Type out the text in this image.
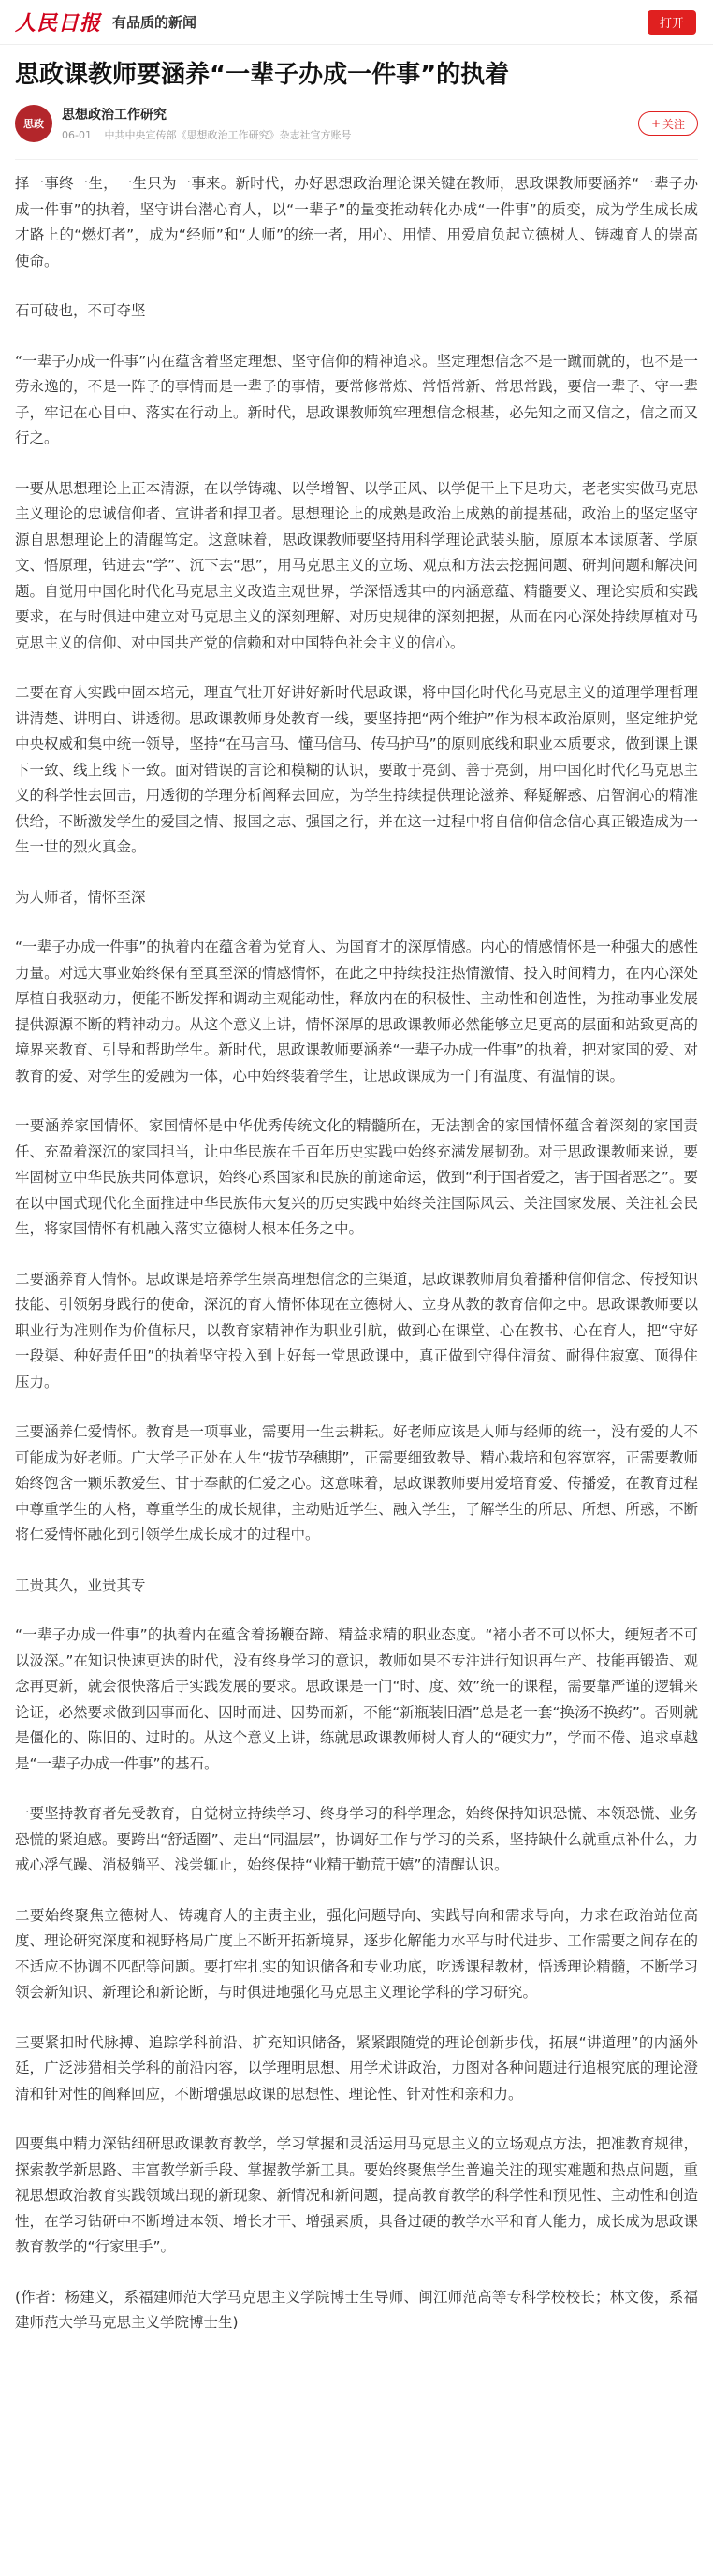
人民日报 有品质的新闻	打开
思政课教师要涵养“一辈子办成一件事”的执着
思政
思想政治工作研究
06-01 中共中央宣传部《思想政治工作研究》杂志社官方账号
+ 关注

择一事终一生，一生只为一事来。新时代，办好思想政治理论课关键在教师，思政课教师要涵养“一辈子办成一件事”的执着，坚守讲台潜心育人，以“一辈子”的量变推动转化办成“一件事”的质变，成为学生成长成才路上的“燃灯者”，成为“经师”和“人师”的统一者，用心、用情、用爱肩负起立德树人、铸魂育人的崇高使命。

石可破也，不可夺坚

“一辈子办成一件事”内在蕴含着坚定理想、坚守信仰的精神追求。坚定理想信念不是一蹴而就的，也不是一劳永逸的，不是一阵子的事情而是一辈子的事情，要常修常炼、常悟常新、常思常践，要信一辈子、守一辈子，牢记在心目中、落实在行动上。新时代，思政课教师筑牢理想信念根基，必先知之而又信之，信之而又行之。

一要从思想理论上正本清源，在以学铸魂、以学增智、以学正风、以学促干上下足功夫，老老实实做马克思主义理论的忠诚信仰者、宣讲者和捍卫者。思想理论上的成熟是政治上成熟的前提基础，政治上的坚定坚守源自思想理论上的清醒笃定。这意味着，思政课教师要坚持用科学理论武装头脑，原原本本读原著、学原文、悟原理，钻进去“学”、沉下去“思”，用马克思主义的立场、观点和方法去挖掘问题、研判问题和解决问题。自觉用中国化时代化马克思主义改造主观世界，学深悟透其中的内涵意蕴、精髓要义、理论实质和实践要求，在与时俱进中建立对马克思主义的深刻理解、对历史规律的深刻把握，从而在内心深处持续厚植对马克思主义的信仰、对中国共产党的信赖和对中国特色社会主义的信心。

二要在育人实践中固本培元，理直气壮开好讲好新时代思政课，将中国化时代化马克思主义的道理学理哲理讲清楚、讲明白、讲透彻。思政课教师身处教育一线，要坚持把“两个维护”作为根本政治原则，坚定维护党中央权威和集中统一领导，坚持“在马言马、懂马信马、传马护马”的原则底线和职业本质要求，做到课上课下一致、线上线下一致。面对错误的言论和模糊的认识，要敢于亮剑、善于亮剑，用中国化时代化马克思主义的科学性去回击，用透彻的学理分析阐释去回应，为学生持续提供理论滋养、释疑解惑、启智润心的精准供给，不断激发学生的爱国之情、报国之志、强国之行，并在这一过程中将自信仰信念信心真正锻造成为一生一世的烈火真金。

为人师者，情怀至深

“一辈子办成一件事”的执着内在蕴含着为党育人、为国育才的深厚情感。内心的情感情怀是一种强大的感性力量。对远大事业始终保有至真至深的情感情怀，在此之中持续投注热情激情、投入时间精力，在内心深处厚植自我驱动力，便能不断发挥和调动主观能动性，释放内在的积极性、主动性和创造性，为推动事业发展提供源源不断的精神动力。从这个意义上讲，情怀深厚的思政课教师必然能够立足更高的层面和站致更高的境界来教育、引导和帮助学生。新时代，思政课教师要涵养“一辈子办成一件事”的执着，把对家国的爱、对教育的爱、对学生的爱融为一体，心中始终装着学生，让思政课成为一门有温度、有温情的课。

一要涵养家国情怀。家国情怀是中华优秀传统文化的精髓所在，无法割舍的家国情怀蕴含着深刻的家国责任、充盈着深沉的家国担当，让中华民族在千百年历史实践中始终充满发展韧劲。对于思政课教师来说，要牢固树立中华民族共同体意识，始终心系国家和民族的前途命运，做到“利于国者爱之，害于国者恶之”。要在以中国式现代化全面推进中华民族伟大复兴的历史实践中始终关注国际风云、关注国家发展、关注社会民生，将家国情怀有机融入落实立德树人根本任务之中。

二要涵养育人情怀。思政课是培养学生崇高理想信念的主渠道，思政课教师肩负着播种信仰信念、传授知识技能、引领躬身践行的使命，深沉的育人情怀体现在立德树人、立身从教的教育信仰之中。思政课教师要以职业行为准则作为价值标尺，以教育家精神作为职业引航，做到心在课堂、心在教书、心在育人，把“守好一段渠、种好责任田”的执着坚守投入到上好每一堂思政课中，真正做到守得住清贫、耐得住寂寞、顶得住压力。

三要涵养仁爱情怀。教育是一项事业，需要用一生去耕耘。好老师应该是人师与经师的统一，没有爱的人不可能成为好老师。广大学子正处在人生“拔节孕穗期”，正需要细致教导、精心栽培和包容宽容，正需要教师始终饱含一颗乐教爱生、甘于奉献的仁爱之心。这意味着，思政课教师要用爱培育爱、传播爱，在教育过程中尊重学生的人格，尊重学生的成长规律，主动贴近学生、融入学生，了解学生的所思、所想、所惑，不断将仁爱情怀融化到引领学生成长成才的过程中。

工贵其久，业贵其专

“一辈子办成一件事”的执着内在蕴含着扬鞭奋蹄、精益求精的职业态度。“褚小者不可以怀大，绠短者不可以汲深。”在知识快速更迭的时代，没有终身学习的意识，教师如果不专注进行知识再生产、技能再锻造、观念再更新，就会很快落后于实践发展的要求。思政课是一门“时、度、效”统一的课程，需要靠严谨的逻辑来论证，必然要求做到因事而化、因时而进、因势而新，不能“新瓶装旧酒”总是老一套“换汤不换药”。否则就是僵化的、陈旧的、过时的。从这个意义上讲，练就思政课教师树人育人的“硬实力”，学而不倦、追求卓越是“一辈子办成一件事”的基石。

一要坚持教育者先受教育，自觉树立持续学习、终身学习的科学理念，始终保持知识恐慌、本领恐慌、业务恐慌的紧迫感。要跨出“舒适圈”、走出“同温层”，协调好工作与学习的关系，坚持缺什么就重点补什么，力戒心浮气躁、消极躺平、浅尝辄止，始终保持“业精于勤荒于嬉”的清醒认识。

二要始终聚焦立德树人、铸魂育人的主责主业，强化问题导向、实践导向和需求导向，力求在政治站位高度、理论研究深度和视野格局广度上不断开拓新境界，逐步化解能力水平与时代进步、工作需要之间存在的不适应不协调不匹配等问题。要打牢扎实的知识储备和专业功底，吃透课程教材，悟透理论精髓，不断学习领会新知识、新理论和新论断，与时俱进地强化马克思主义理论学科的学习研究。

三要紧扣时代脉搏、追踪学科前沿、扩充知识储备，紧紧跟随党的理论创新步伐，拓展“讲道理”的内涵外延，广泛涉猎相关学科的前沿内容，以学理明思想、用学术讲政治，力图对各种问题进行追根究底的理论澄清和针对性的阐释回应，不断增强思政课的思想性、理论性、针对性和亲和力。

四要集中精力深钻细研思政课教育教学，学习掌握和灵活运用马克思主义的立场观点方法，把准教育规律，探索教学新思路、丰富教学新手段、掌握教学新工具。要始终聚焦学生普遍关注的现实难题和热点问题，重视思想政治教育实践领域出现的新现象、新情况和新问题，提高教育教学的科学性和预见性、主动性和创造性，在学习钻研中不断增进本领、增长才干、增强素质，具备过硬的教学水平和育人能力，成长成为思政课教育教学的“行家里手”。

(作者：杨建义，系福建师范大学马克思主义学院博士生导师、闽江师范高等专科学校校长；林文俊，系福建师范大学马克思主义学院博士生)
